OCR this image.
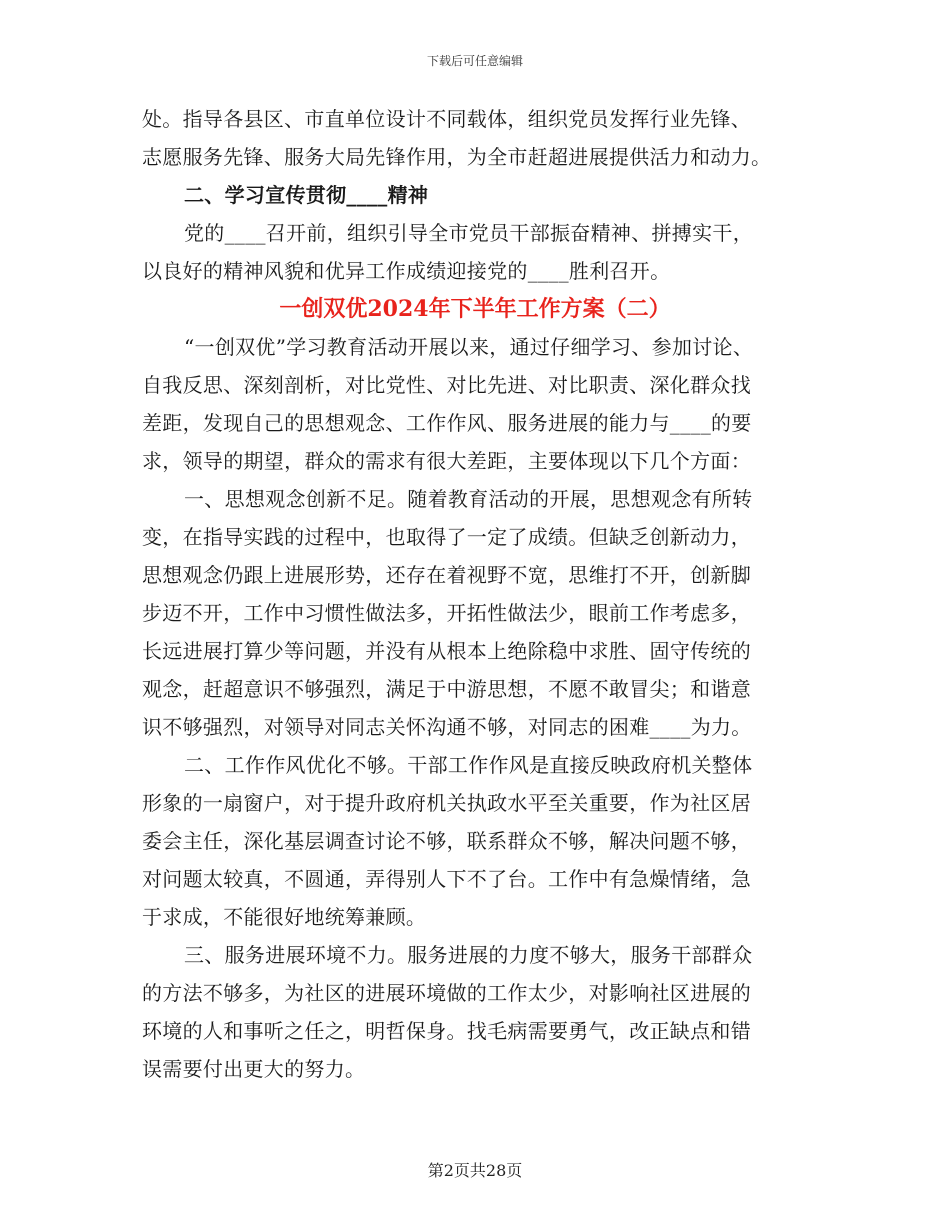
下载后可任意编辑
处。指导各县区、市直单位设计不同载体，组织党员发挥行业先锋、
志愿服务先锋、服务大局先锋作用，为全市赶超进展提供活力和动力。
二、学习宣传贯彻____精神
党的____召开前，组织引导全市党员干部振奋精神、拼搏实干，
以良好的精神风貌和优异工作成绩迎接党的____胜利召开。
一创双优2024年下半年工作方案（二）
“一创双优”学习教育活动开展以来，通过仔细学习、参加讨论、
自我反思、深刻剖析，对比党性、对比先进、对比职责、深化群众找
差距，发现自己的思想观念、工作作风、服务进展的能力与____的要
求，领导的期望，群众的需求有很大差距，主要体现以下几个方面：
一、思想观念创新不足。随着教育活动的开展，思想观念有所转
变，在指导实践的过程中，也取得了一定了成绩。但缺乏创新动力，
思想观念仍跟上进展形势，还存在着视野不宽，思维打不开，创新脚
步迈不开，工作中习惯性做法多，开拓性做法少，眼前工作考虑多，
长远进展打算少等问题，并没有从根本上绝除稳中求胜、固守传统的
观念，赶超意识不够强烈，满足于中游思想，不愿不敢冒尖；和谐意
识不够强烈，对领导对同志关怀沟通不够，对同志的困难____为力。
二、工作作风优化不够。干部工作作风是直接反映政府机关整体
形象的一扇窗户，对于提升政府机关执政水平至关重要，作为社区居
委会主任，深化基层调查讨论不够，联系群众不够，解决问题不够，
对问题太较真，不圆通，弄得别人下不了台。工作中有急燥情绪，急
于求成，不能很好地统筹兼顾。
三、服务进展环境不力。服务进展的力度不够大，服务干部群众
的方法不够多，为社区的进展环境做的工作太少，对影响社区进展的
环境的人和事听之任之，明哲保身。找毛病需要勇气，改正缺点和错
误需要付出更大的努力。
第2页共28页
